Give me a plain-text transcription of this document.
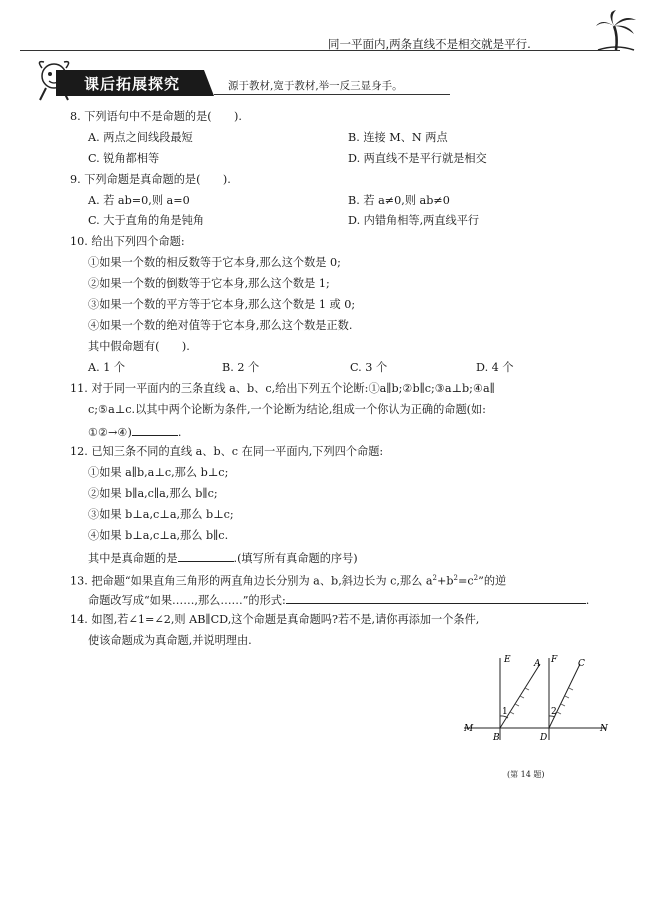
同一平面内,两条直线不是相交就是平行.
课后拓展探究	源于教材,宽于教材,举一反三显身手。
8. 下列语句中不是命题的是(　　).
A. 两点之间线段最短	B. 连接 M、N 两点
C. 锐角都相等	D. 两直线不是平行就是相交
9. 下列命题是真命题的是(　　).
A. 若 ab=0,则 a=0	B. 若 a≠0,则 ab≠0
C. 大于直角的角是钝角	D. 内错角相等,两直线平行
10. 给出下列四个命题:
①如果一个数的相反数等于它本身,那么这个数是 0;
②如果一个数的倒数等于它本身,那么这个数是 1;
③如果一个数的平方等于它本身,那么这个数是 1 或 0;
④如果一个数的绝对值等于它本身,那么这个数是正数.
其中假命题有(　　).
A. 1 个	B. 2 个	C. 3 个	D. 4 个
11. 对于同一平面内的三条直线 a、b、c,给出下列五个论断:①a∥b;②b∥c;③a⊥b;④a∥
c;⑤a⊥c.以其中两个论断为条件,一个论断为结论,组成一个你认为正确的命题(如:
①②→④)	.
12. 已知三条不同的直线 a、b、c 在同一平面内,下列四个命题:
①如果 a∥b,a⊥c,那么 b⊥c;
②如果 b∥a,c∥a,那么 b∥c;
③如果 b⊥a,c⊥a,那么 b⊥c;
④如果 b⊥a,c⊥a,那么 b∥c.
其中是真命题的是	.(填写所有真命题的序号)
13. 把命题“如果直角三角形的两直角边长分别为 a、b,斜边长为 c,那么 $a^2+b^2=c^2$”的逆
命题改写成“如果……,那么……”的形式:	.
14. 如图,若∠1=∠2,则 AB∥CD,这个命题是真命题吗?若不是,请你再添加一个条件,
使该命题成为真命题,并说明理由.
E	A F C
M
B	D
N
1	2
(第 14 题)
